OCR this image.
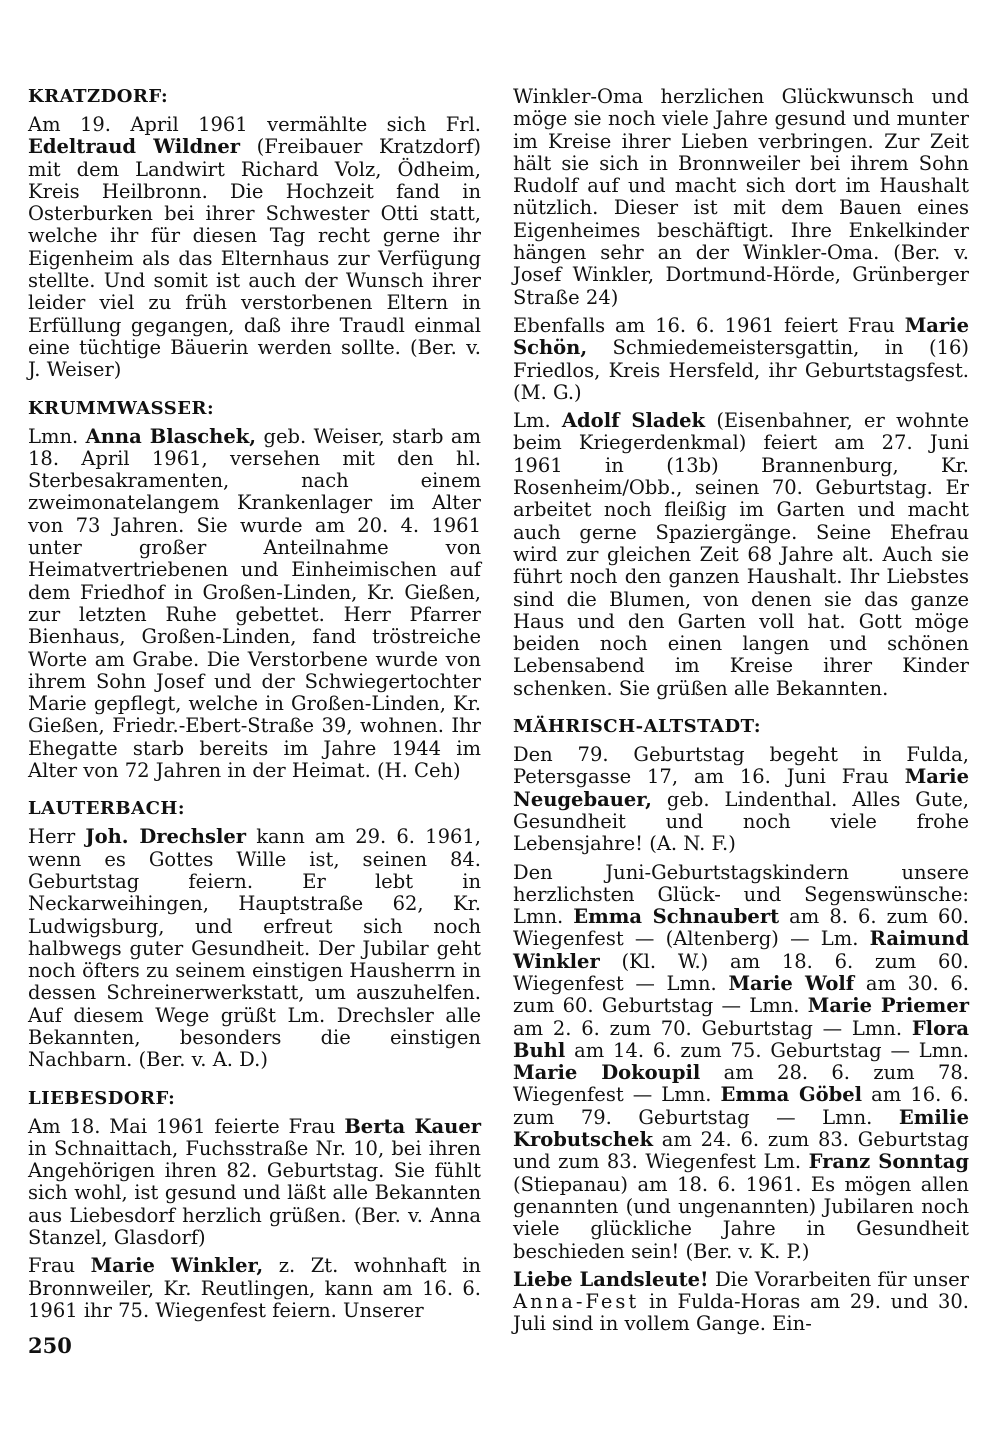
KRATZDORF:

Am 19. April 1961 vermählte sich Frl. Edeltraud Wildner (Freibauer Kratzdorf) mit dem Landwirt Richard Volz, Ödheim, Kreis Heilbronn. Die Hochzeit fand in Osterburken bei ihrer Schwester Otti statt, welche ihr für diesen Tag recht gerne ihr Eigenheim als das Elternhaus zur Verfügung stellte. Und somit ist auch der Wunsch ihrer leider viel zu früh verstorbenen Eltern in Erfüllung gegangen, daß ihre Traudl einmal eine tüchtige Bäuerin werden sollte. (Ber. v. J. Weiser)

KRUMMWASSER:

Lmn. Anna Blaschek, geb. Weiser, starb am 18. April 1961, versehen mit den hl. Sterbesakramenten, nach einem zweimonatelangem Krankenlager im Alter von 73 Jahren. Sie wurde am 20. 4. 1961 unter großer Anteilnahme von Heimatvertriebenen und Einheimischen auf dem Friedhof in Großen-Linden, Kr. Gießen, zur letzten Ruhe gebettet. Herr Pfarrer Bienhaus, Großen-Linden, fand tröstreiche Worte am Grabe. Die Verstorbene wurde von ihrem Sohn Josef und der Schwiegertochter Marie gepflegt, welche in Großen-Linden, Kr. Gießen, Friedr.-Ebert-Straße 39, wohnen. Ihr Ehegatte starb bereits im Jahre 1944 im Alter von 72 Jahren in der Heimat. (H. Ceh)

LAUTERBACH:

Herr Joh. Drechsler kann am 29. 6. 1961, wenn es Gottes Wille ist, seinen 84. Geburtstag feiern. Er lebt in Neckarweihingen, Hauptstraße 62, Kr. Ludwigsburg, und erfreut sich noch halbwegs guter Gesundheit. Der Jubilar geht noch öfters zu seinem einstigen Hausherrn in dessen Schreinerwerkstatt, um auszuhelfen. Auf diesem Wege grüßt Lm. Drechsler alle Bekannten, besonders die einstigen Nachbarn. (Ber. v. A. D.)

LIEBESDORF:

Am 18. Mai 1961 feierte Frau Berta Kauer in Schnaittach, Fuchsstraße Nr. 10, bei ihren Angehörigen ihren 82. Geburtstag. Sie fühlt sich wohl, ist gesund und läßt alle Bekannten aus Liebesdorf herzlich grüßen. (Ber. v. Anna Stanzel, Glasdorf)

Frau Marie Winkler, z. Zt. wohnhaft in Bronnweiler, Kr. Reutlingen, kann am 16. 6. 1961 ihr 75. Wiegenfest feiern. Unserer

Winkler-Oma herzlichen Glückwunsch und möge sie noch viele Jahre gesund und munter im Kreise ihrer Lieben verbringen. Zur Zeit hält sie sich in Bronnweiler bei ihrem Sohn Rudolf auf und macht sich dort im Haushalt nützlich. Dieser ist mit dem Bauen eines Eigenheimes beschäftigt. Ihre Enkelkinder hängen sehr an der Winkler-Oma. (Ber. v. Josef Winkler, Dortmund-Hörde, Grünberger Straße 24)

Ebenfalls am 16. 6. 1961 feiert Frau Marie Schön, Schmiedemeistersgattin, in (16) Friedlos, Kreis Hersfeld, ihr Geburtstagsfest. (M. G.)

Lm. Adolf Sladek (Eisenbahner, er wohnte beim Kriegerdenkmal) feiert am 27. Juni 1961 in (13b) Brannenburg, Kr. Rosenheim/Obb., seinen 70. Geburtstag. Er arbeitet noch fleißig im Garten und macht auch gerne Spaziergänge. Seine Ehefrau wird zur gleichen Zeit 68 Jahre alt. Auch sie führt noch den ganzen Haushalt. Ihr Liebstes sind die Blumen, von denen sie das ganze Haus und den Garten voll hat. Gott möge beiden noch einen langen und schönen Lebensabend im Kreise ihrer Kinder schenken. Sie grüßen alle Bekannten.

MÄHRISCH-ALTSTADT:

Den 79. Geburtstag begeht in Fulda, Petersgasse 17, am 16. Juni Frau Marie Neugebauer, geb. Lindenthal. Alles Gute, Gesundheit und noch viele frohe Lebensjahre! (A. N. F.)

Den Juni-Geburtstagskindern unsere herzlichsten Glück- und Segenswünsche: Lmn. Emma Schnaubert am 8. 6. zum 60. Wiegenfest — (Altenberg) — Lm. Raimund Winkler (Kl. W.) am 18. 6. zum 60. Wiegenfest — Lmn. Marie Wolf am 30. 6. zum 60. Geburtstag — Lmn. Marie Priemer am 2. 6. zum 70. Geburtstag — Lmn. Flora Buhl am 14. 6. zum 75. Geburtstag — Lmn. Marie Dokoupil am 28. 6. zum 78. Wiegenfest — Lmn. Emma Göbel am 16. 6. zum 79. Geburtstag — Lmn. Emilie Krobutschek am 24. 6. zum 83. Geburtstag und zum 83. Wiegenfest Lm. Franz Sonntag (Stiepanau) am 18. 6. 1961. Es mögen allen genannten (und ungenannten) Jubilaren noch viele glückliche Jahre in Gesundheit beschieden sein! (Ber. v. K. P.)

Liebe Landsleute! Die Vorarbeiten für unser Anna-Fest in Fulda-Horas am 29. und 30. Juli sind in vollem Gange. Ein-

250
